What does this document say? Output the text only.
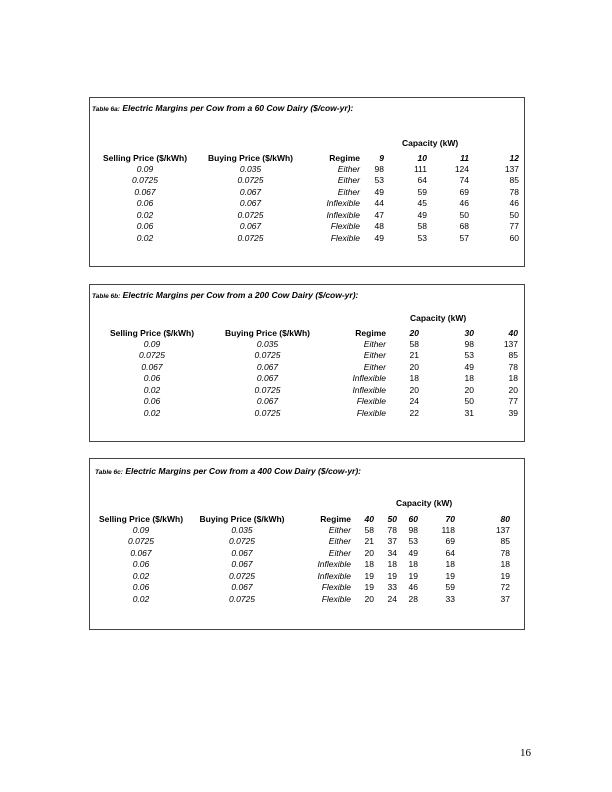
Table 6a: Electric Margins per Cow from a 60 Cow Dairy ($/cow-yr):
Capacity (kW)
Selling Price ($/kWh)	Buying Price ($/kWh)	Regime	9	10	11	12
0.09	0.035	Either	98	111	124	137
0.0725	0.0725	Either	53	64	74	85
0.067	0.067	Either	49	59	69	78
0.06	0.067	Inflexible	44	45	46	46
0.02	0.0725	Inflexible	47	49	50	50
0.06	0.067	Flexible	48	58	68	77
0.02	0.0725	Flexible	49	53	57	60
Table 6b: Electric Margins per Cow from a 200 Cow Dairy ($/cow-yr):
Capacity (kW)
Selling Price ($/kWh)	Buying Price ($/kWh)	Regime	20	30	40
0.09	0.035	Either	58	98	137
0.0725	0.0725	Either	21	53	85
0.067	0.067	Either	20	49	78
0.06	0.067	Inflexible	18	18	18
0.02	0.0725	Inflexible	20	20	20
0.06	0.067	Flexible	24	50	77
0.02	0.0725	Flexible	22	31	39
Table 6c: Electric Margins per Cow from a 400 Cow Dairy ($/cow-yr):
Capacity (kW)
Selling Price ($/kWh)	Buying Price ($/kWh)	Regime	40	50	60	70	80
0.09	0.035	Either	58	78	98	118	137
0.0725	0.0725	Either	21	37	53	69	85
0.067	0.067	Either	20	34	49	64	78
0.06	0.067	Inflexible	18	18	18	18	18
0.02	0.0725	Inflexible	19	19	19	19	19
0.06	0.067	Flexible	19	33	46	59	72
0.02	0.0725	Flexible	20	24	28	33	37
16
